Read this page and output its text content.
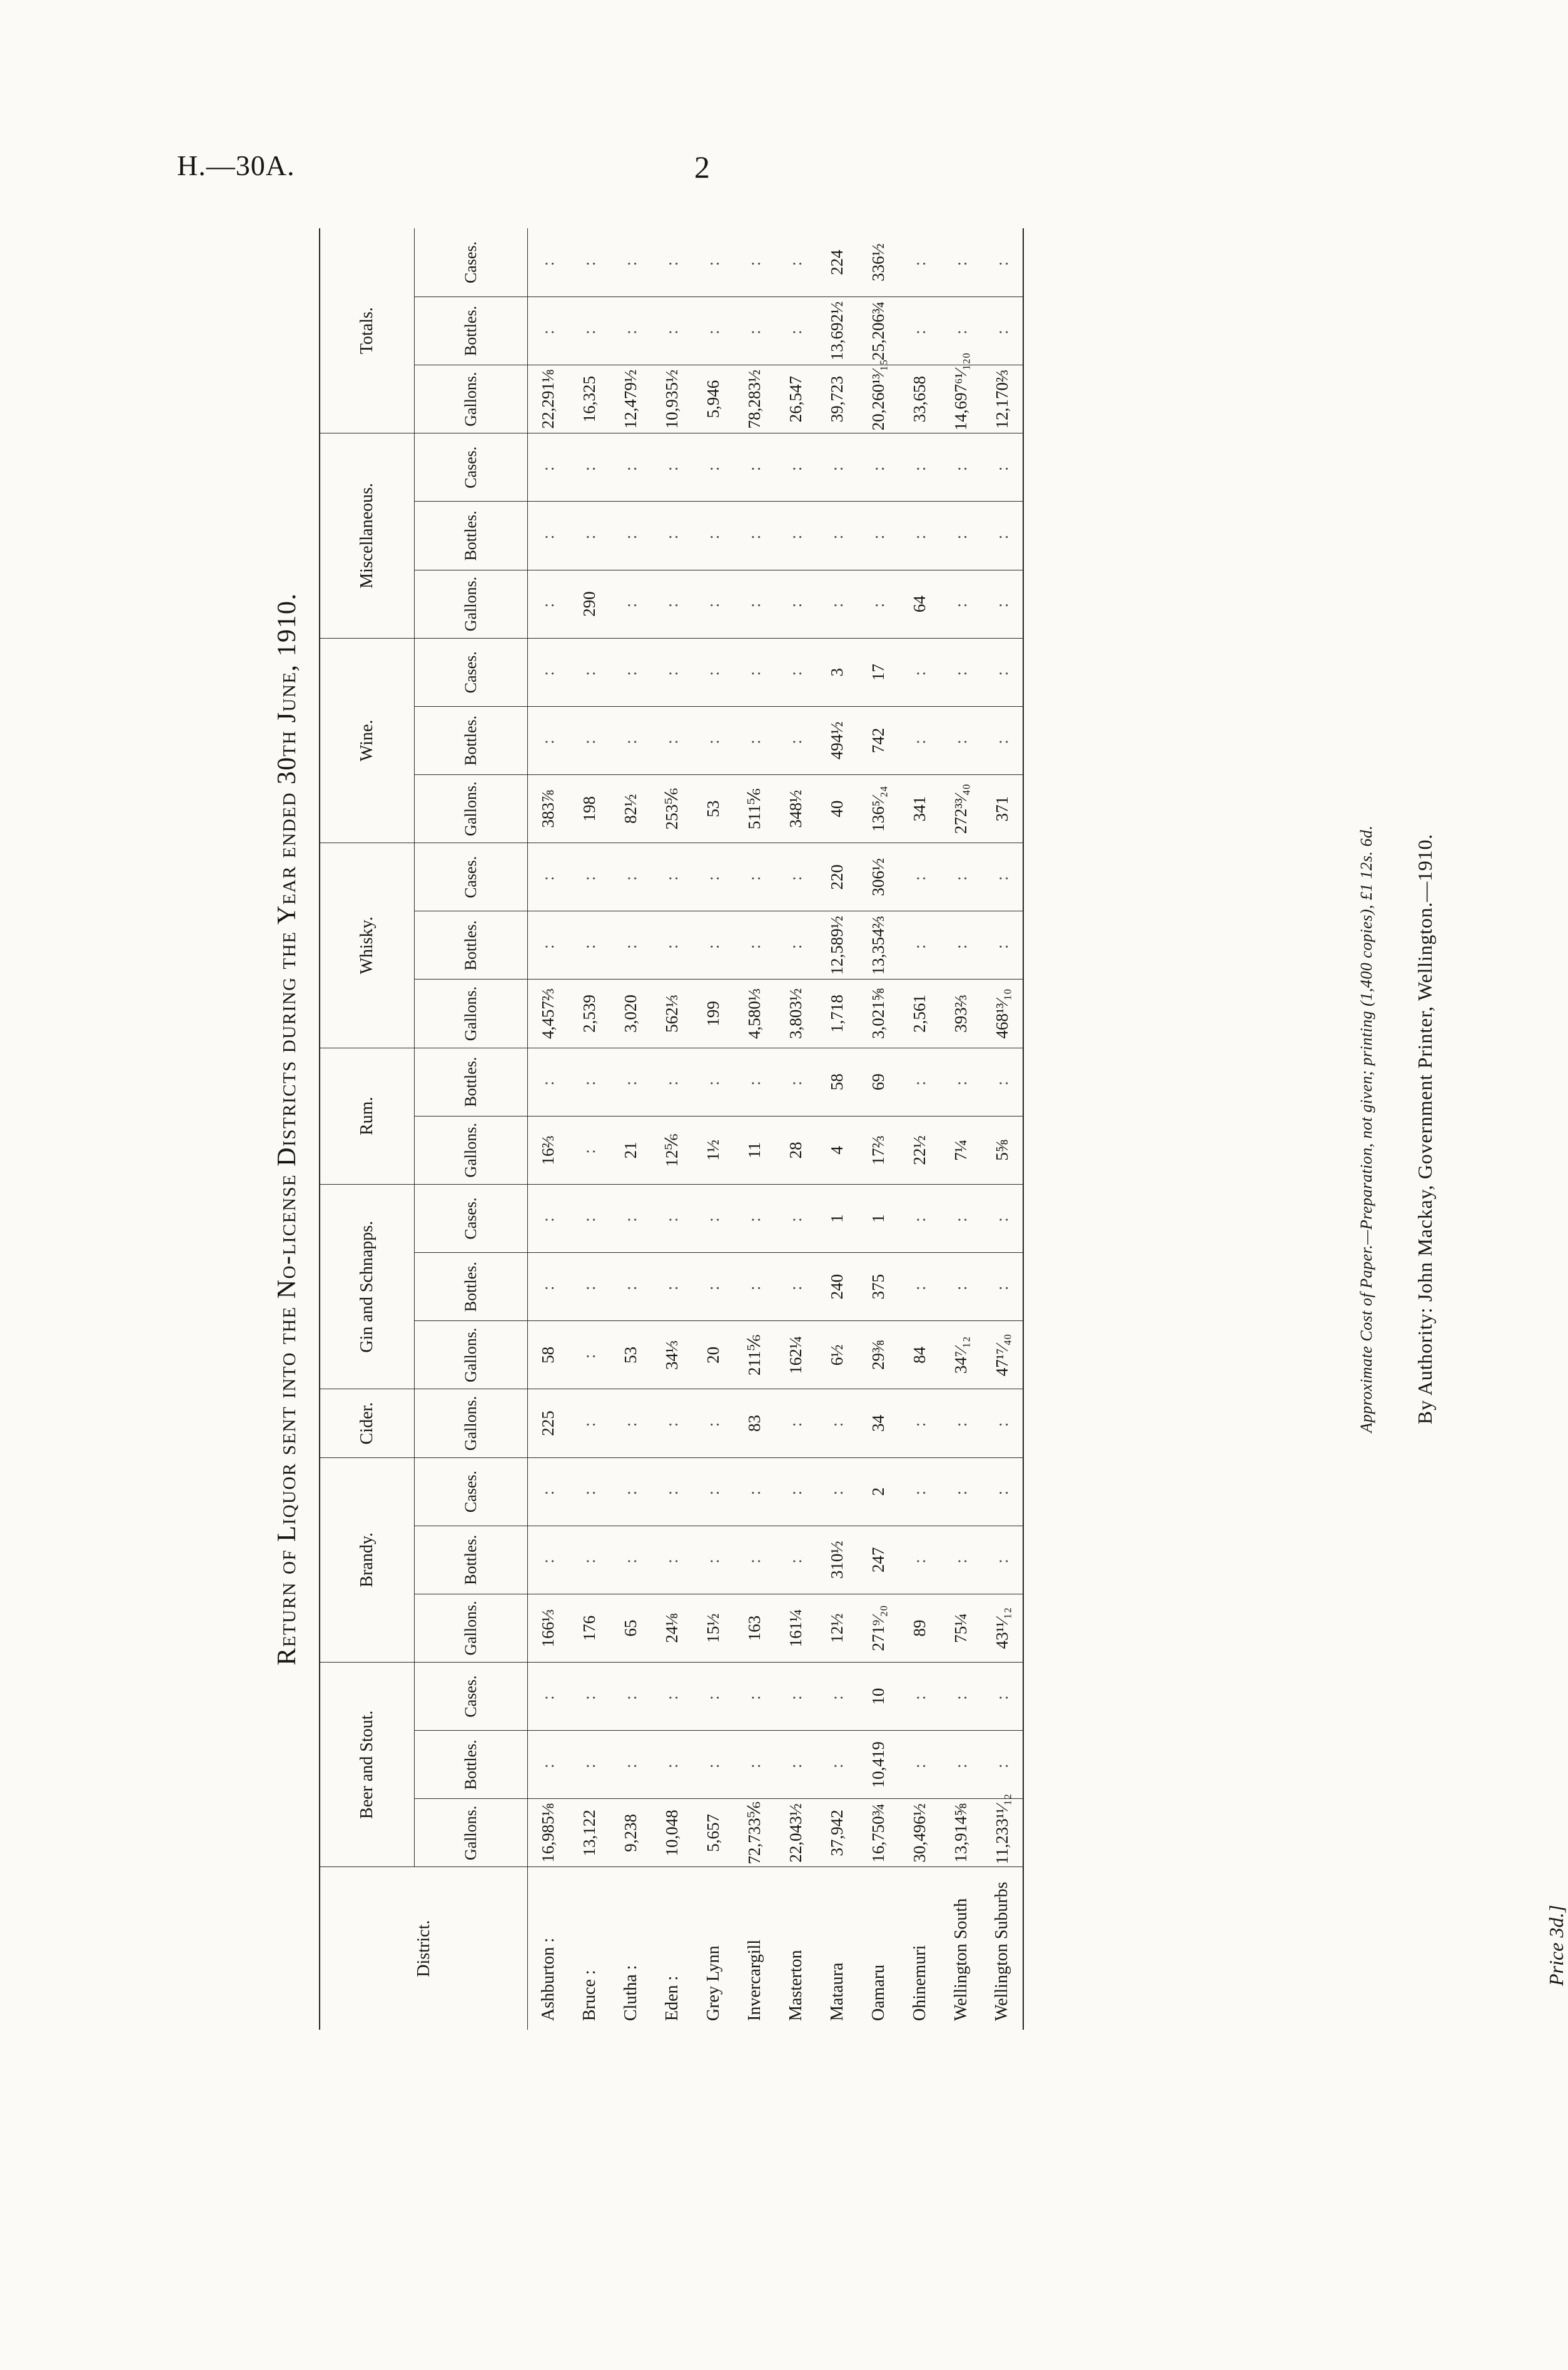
H.—30A.	2
Return of Liquor sent into the No-license Districts during the Year ended 30th June, 1910.
District.	Beer and Stout.			Brandy.			Cider.	Gin and Schnapps.			Rum.		Whisky.			Wine.			Miscellaneous.			Totals.		
	Gallons.	Bottles.	Cases.	Gallons.	Bottles.	Cases.	Gallons.	Gallons.	Bottles.	Cases.	Gallons.	Bottles.	Gallons.	Bottles.	Cases.	Gallons.	Bottles.	Cases.	Gallons.	Bottles.	Cases.	Gallons.	Bottles.	Cases.
Ashburton :	16,985⅛	:	:	166⅓	:	:	225	58	:	:	16⅔	:	4,457⅔	:	:	383⅞	:	:	:	:	:	22,291⅛	:	:
Bruce :	13,122	:	:	176	:	:	:	:	:	:	:	:	2,539	:	:	198	:	:	290	:	:	16,325	:	:
Clutha :	9,238	:	:	65	:	:	:	53	:	:	21	:	3,020	:	:	82½	:	:	:	:	:	12,479½	:	:
Eden :	10,048	:	:	24⅛	:	:	:	34⅓	:	:	12⅚	:	562⅓	:	:	253⅚	:	:	:	:	:	10,935½	:	:
Grey Lynn	5,657	:	:	15½	:	:	:	20	:	:	1½	:	199	:	:	53	:	:	:	:	:	5,946	:	:
Invercargill	72,733⅚	:	:	163	:	:	83	211⅚	:	:	11	:	4,580⅓	:	:	511⅚	:	:	:	:	:	78,283½	:	:
Masterton	22,043½	:	:	161¼	:	:	:	162¼	:	:	28	:	3,803½	:	:	348½	:	:	:	:	:	26,547	:	:
Mataura	37,942	:	:	12½	310½	:	:	6½	240	1	4	58	1,718	12,589½	220	40	494½	3	:	:	:	39,723	13,692½	224
Oamaru	16,750¾	10,419	10	271⁹⁄₂₀	247	2	34	29⅜	375	1	17⅔	69	3,021⅝	13,354⅔	306½	136⁵⁄₂₄	742	17	:	:	:	20,260¹³⁄₁₅	25,206¾	336½
Ohinemuri	30,496½	:	:	89	:	:	:	84	:	:	22½	:	2,561	:	:	341	:	:	64	:	:	33,658	:	:
Wellington South	13,914⅝	:	:	75¼	:	:	:	34⁷⁄₁₂	:	:	7¼	:	393⅔	:	:	272³³⁄₄₀	:	:	:	:	:	14,697⁶¹⁄₁₂₀	:	:
Wellington Suburbs	11,233¹¹⁄₁₂	:	:	43¹¹⁄₁₂	:	:	:	47¹⁷⁄₄₀	:	:	5⅝	:	468¹³⁄₁₀	:	:	371	:	:	:	:	:	12,170⅔	:	:
Approximate Cost of Paper.—Preparation, not given; printing (1,400 copies), £1 12s. 6d. By Authority: John Mackay, Government Printer, Wellington.—1910.
Price 3d.]
